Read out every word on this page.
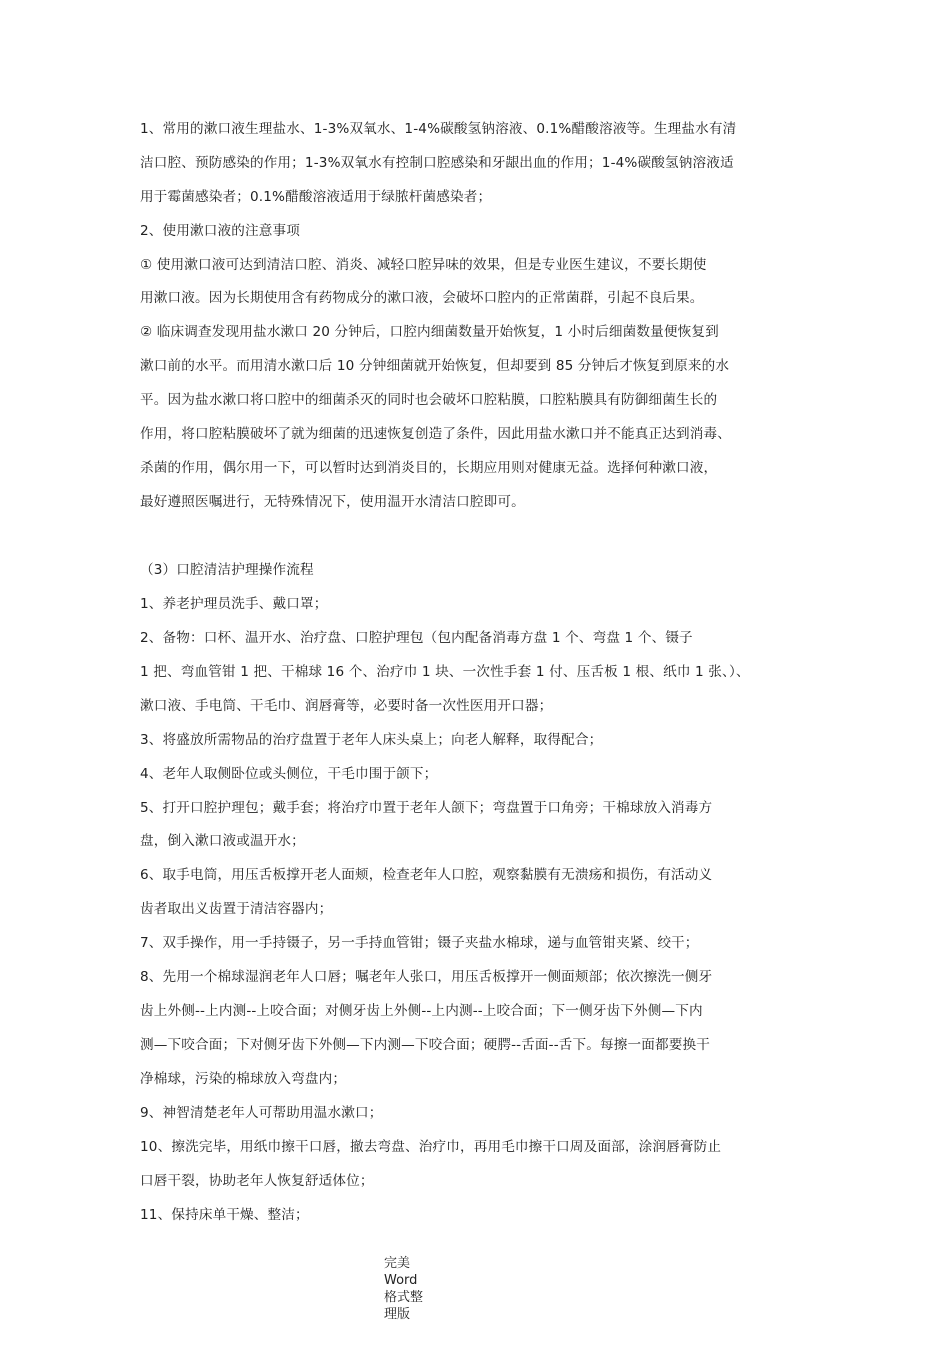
1、常用的漱口液生理盐水、1-3%双氧水、1-4%碳酸氢钠溶液、0.1%醋酸溶液等。生理盐水有清
洁口腔、预防感染的作用；1-3%双氧水有控制口腔感染和牙龈出血的作用；1-4%碳酸氢钠溶液适
用于霉菌感染者；0.1%醋酸溶液适用于绿脓杆菌感染者；
2、使用漱口液的注意事项
① 使用漱口液可达到清洁口腔、消炎、减轻口腔异味的效果，但是专业医生建议，不要长期使
用漱口液。因为长期使用含有药物成分的漱口液，会破坏口腔内的正常菌群，引起不良后果。
② 临床调查发现用盐水漱口 20 分钟后，口腔内细菌数量开始恢复，1 小时后细菌数量便恢复到
漱口前的水平。而用清水漱口后 10 分钟细菌就开始恢复，但却要到 85 分钟后才恢复到原来的水
平。因为盐水漱口将口腔中的细菌杀灭的同时也会破坏口腔粘膜，口腔粘膜具有防御细菌生长的
作用，将口腔粘膜破坏了就为细菌的迅速恢复创造了条件，因此用盐水漱口并不能真正达到消毒、
杀菌的作用，偶尔用一下，可以暂时达到消炎目的，长期应用则对健康无益。选择何种漱口液，
最好遵照医嘱进行，无特殊情况下，使用温开水清洁口腔即可。
（3）口腔清洁护理操作流程
1、养老护理员洗手、戴口罩；
2、备物：口杯、温开水、治疗盘、口腔护理包（包内配备消毒方盘 1 个、弯盘 1 个、镊子
1 把、弯血管钳 1 把、干棉球 16 个、治疗巾 1 块、一次性手套 1 付、压舌板 1 根、纸巾 1 张、）、
漱口液、手电筒、干毛巾、润唇膏等，必要时备一次性医用开口器；
3、将盛放所需物品的治疗盘置于老年人床头桌上；向老人解释，取得配合；
4、老年人取侧卧位或头侧位，干毛巾围于颌下；
5、打开口腔护理包；戴手套；将治疗巾置于老年人颌下；弯盘置于口角旁；干棉球放入消毒方
盘，倒入漱口液或温开水；
6、取手电筒，用压舌板撑开老人面颊，检查老年人口腔，观察黏膜有无溃疡和损伤，有活动义
齿者取出义齿置于清洁容器内；
7、双手操作，用一手持镊子，另一手持血管钳；镊子夹盐水棉球，递与血管钳夹紧、绞干；
8、先用一个棉球湿润老年人口唇；嘱老年人张口，用压舌板撑开一侧面颊部；依次擦洗一侧牙
齿上外侧--上内测--上咬合面；对侧牙齿上外侧--上内测--上咬合面；下一侧牙齿下外侧—下内
测—下咬合面；下对侧牙齿下外侧—下内测—下咬合面；硬腭--舌面--舌下。每擦一面都要换干
净棉球，污染的棉球放入弯盘内；
9、神智清楚老年人可帮助用温水漱口；
10、擦洗完毕，用纸巾擦干口唇，撤去弯盘、治疗巾，再用毛巾擦干口周及面部，涂润唇膏防止
口唇干裂，协助老年人恢复舒适体位；
11、保持床单干燥、整洁；
完美
Word
格式整
理版
